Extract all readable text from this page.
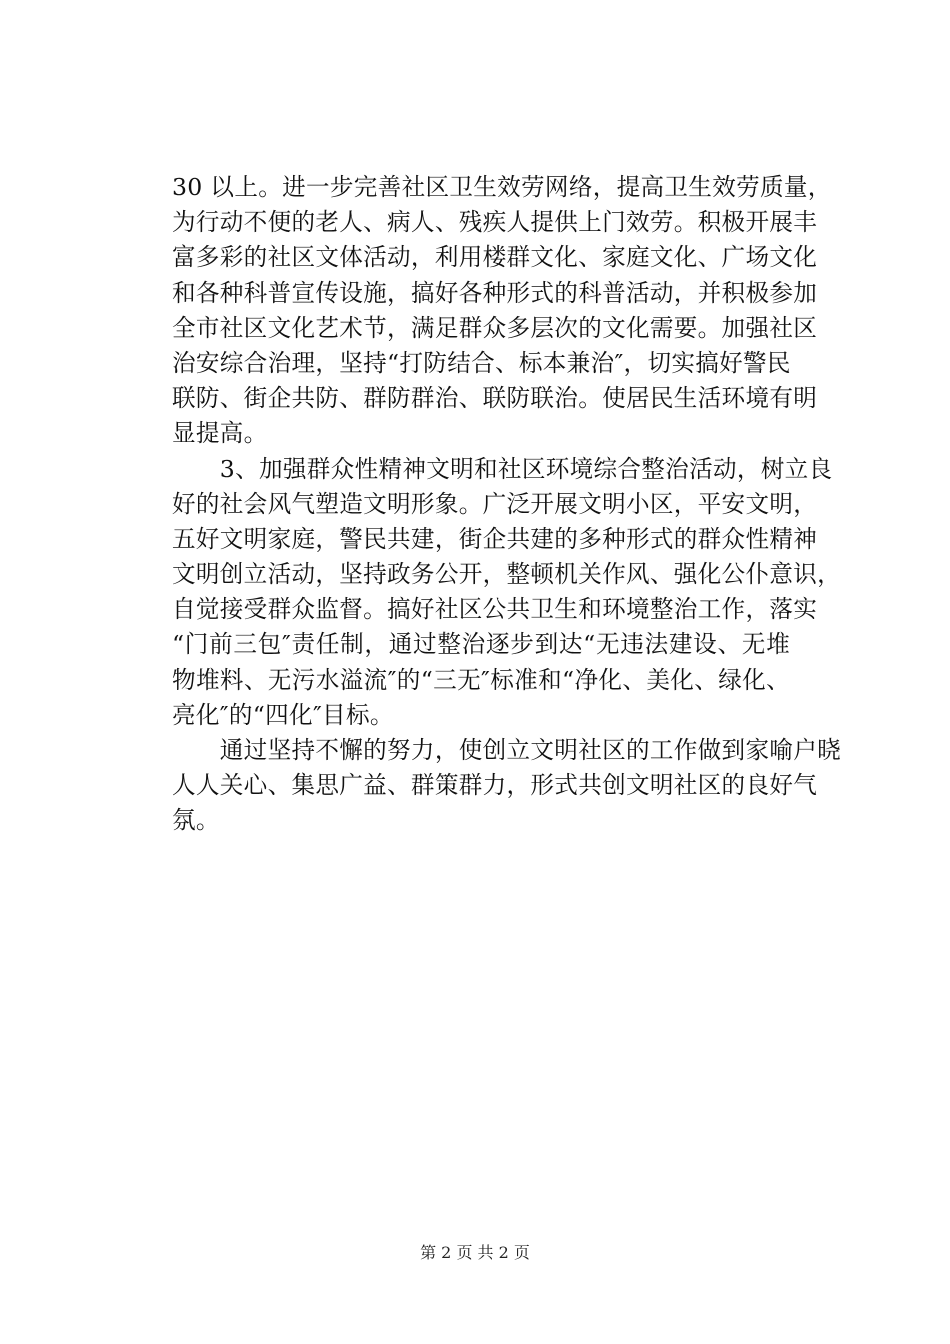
30 以上。进一步完善社区卫生效劳网络，提高卫生效劳质量，
为行动不便的老人、病人、残疾人提供上门效劳。积极开展丰
富多彩的社区文体活动，利用楼群文化、家庭文化、广场文化
和各种科普宣传设施，搞好各种形式的科普活动，并积极参加
全市社区文化艺术节，满足群众多层次的文化需要。加强社区
治安综合治理，坚持“打防结合、标本兼治″，切实搞好警民
联防、街企共防、群防群治、联防联治。使居民生活环境有明
显提高。
　　3、加强群众性精神文明和社区环境综合整治活动，树立良
好的社会风气塑造文明形象。广泛开展文明小区，平安文明，
五好文明家庭，警民共建，街企共建的多种形式的群众性精神
文明创立活动，坚持政务公开，整顿机关作风、强化公仆意识，
自觉接受群众监督。搞好社区公共卫生和环境整治工作，落实
“门前三包″责任制，通过整治逐步到达“无违法建设、无堆
物堆料、无污水溢流″的“三无″标准和“净化、美化、绿化、
亮化″的“四化″目标。
　　通过坚持不懈的努力，使创立文明社区的工作做到家喻户晓
人人关心、集思广益、群策群力，形式共创文明社区的良好气
氛。
第 2 页 共 2 页
